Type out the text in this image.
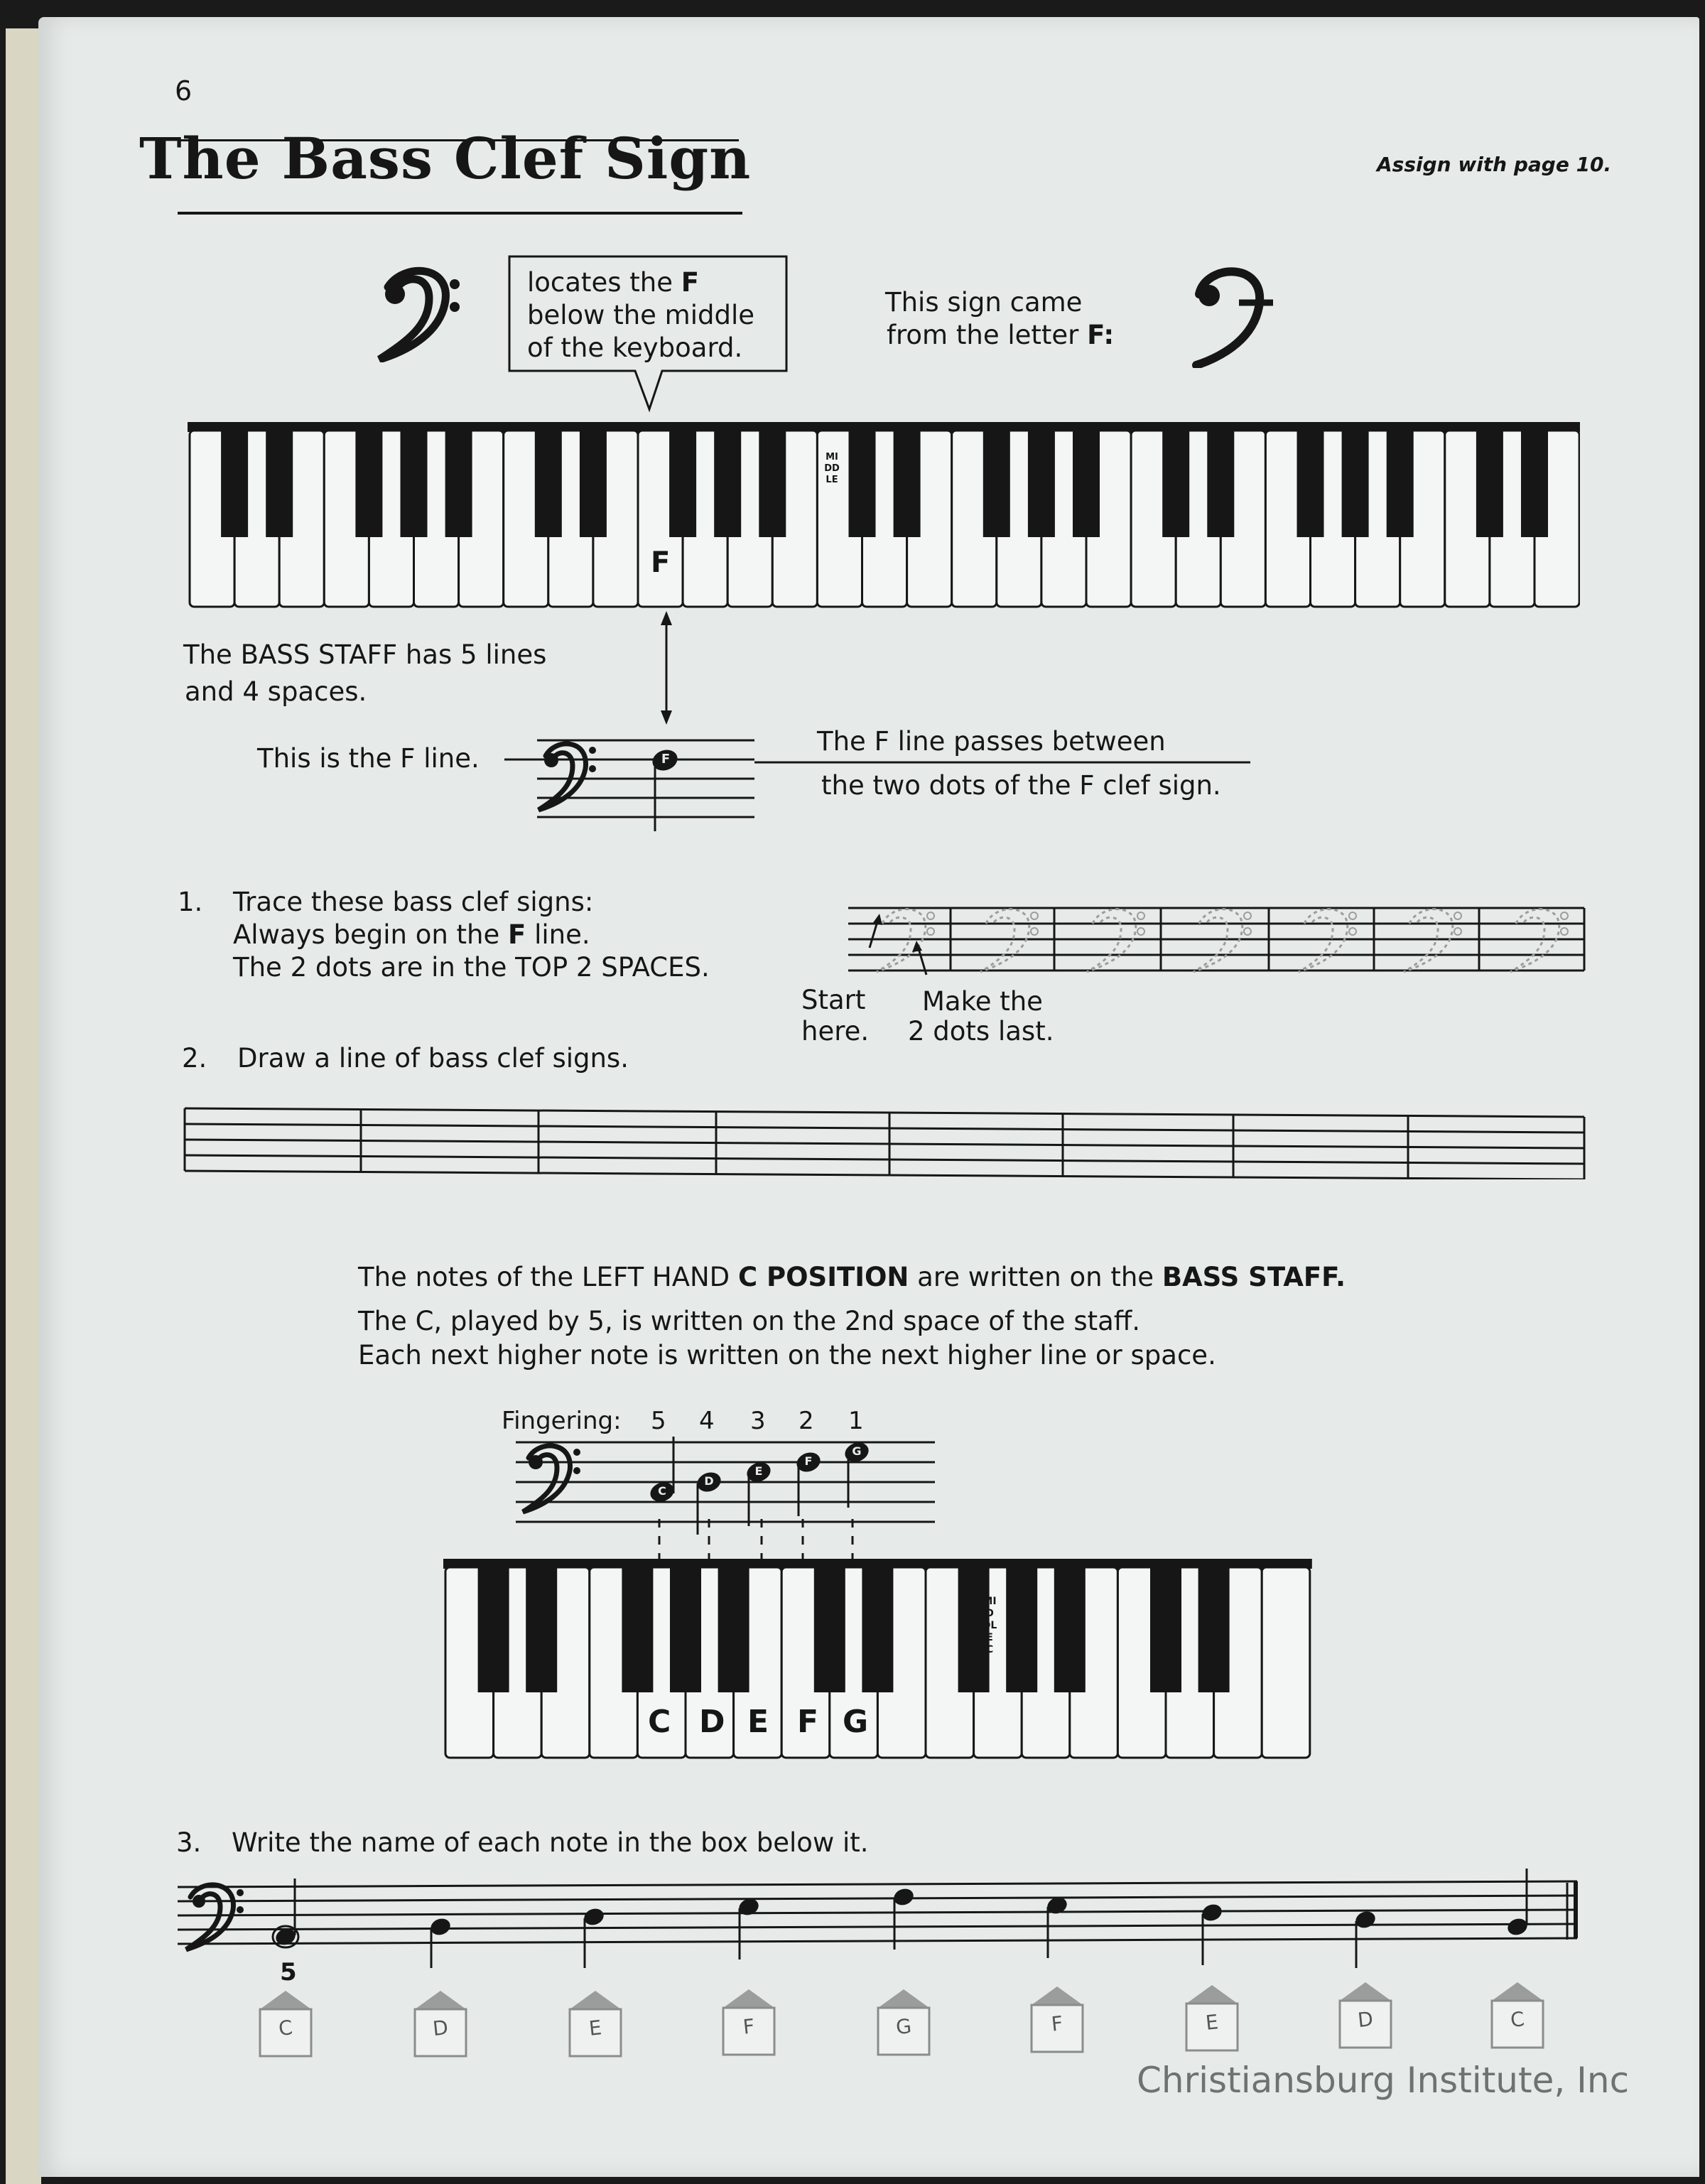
6
The Bass Clef Sign	Assign with page 10.
locates the F
below the middle
of the keyboard.
This sign came
from the letter F:
F
MIDDLE
The BASS STAFF has 5 lines
and 4 spaces.
This is the F line.	F
The F line passes between
the two dots of the F clef sign.
1. Trace these bass clef signs:
Always begin on the F line.
The 2 dots are in the TOP 2 SPACES.
Start
here.
Make the
2 dots last.
2. Draw a line of bass clef signs.
The notes of the LEFT HAND C POSITION are written on the BASS STAFF.
The C, played by 5, is written on the 2nd space of the staff.
Each next higher note is written on the next higher line or space.
Fingering: 5 4 3 2 1
C
D
E
F
G
C D E F G
MIDDLE C
3. Write the name of each note in the box below it.
5
C	D	E	F	G	F	E	D	C
Christiansburg Institute, Inc
